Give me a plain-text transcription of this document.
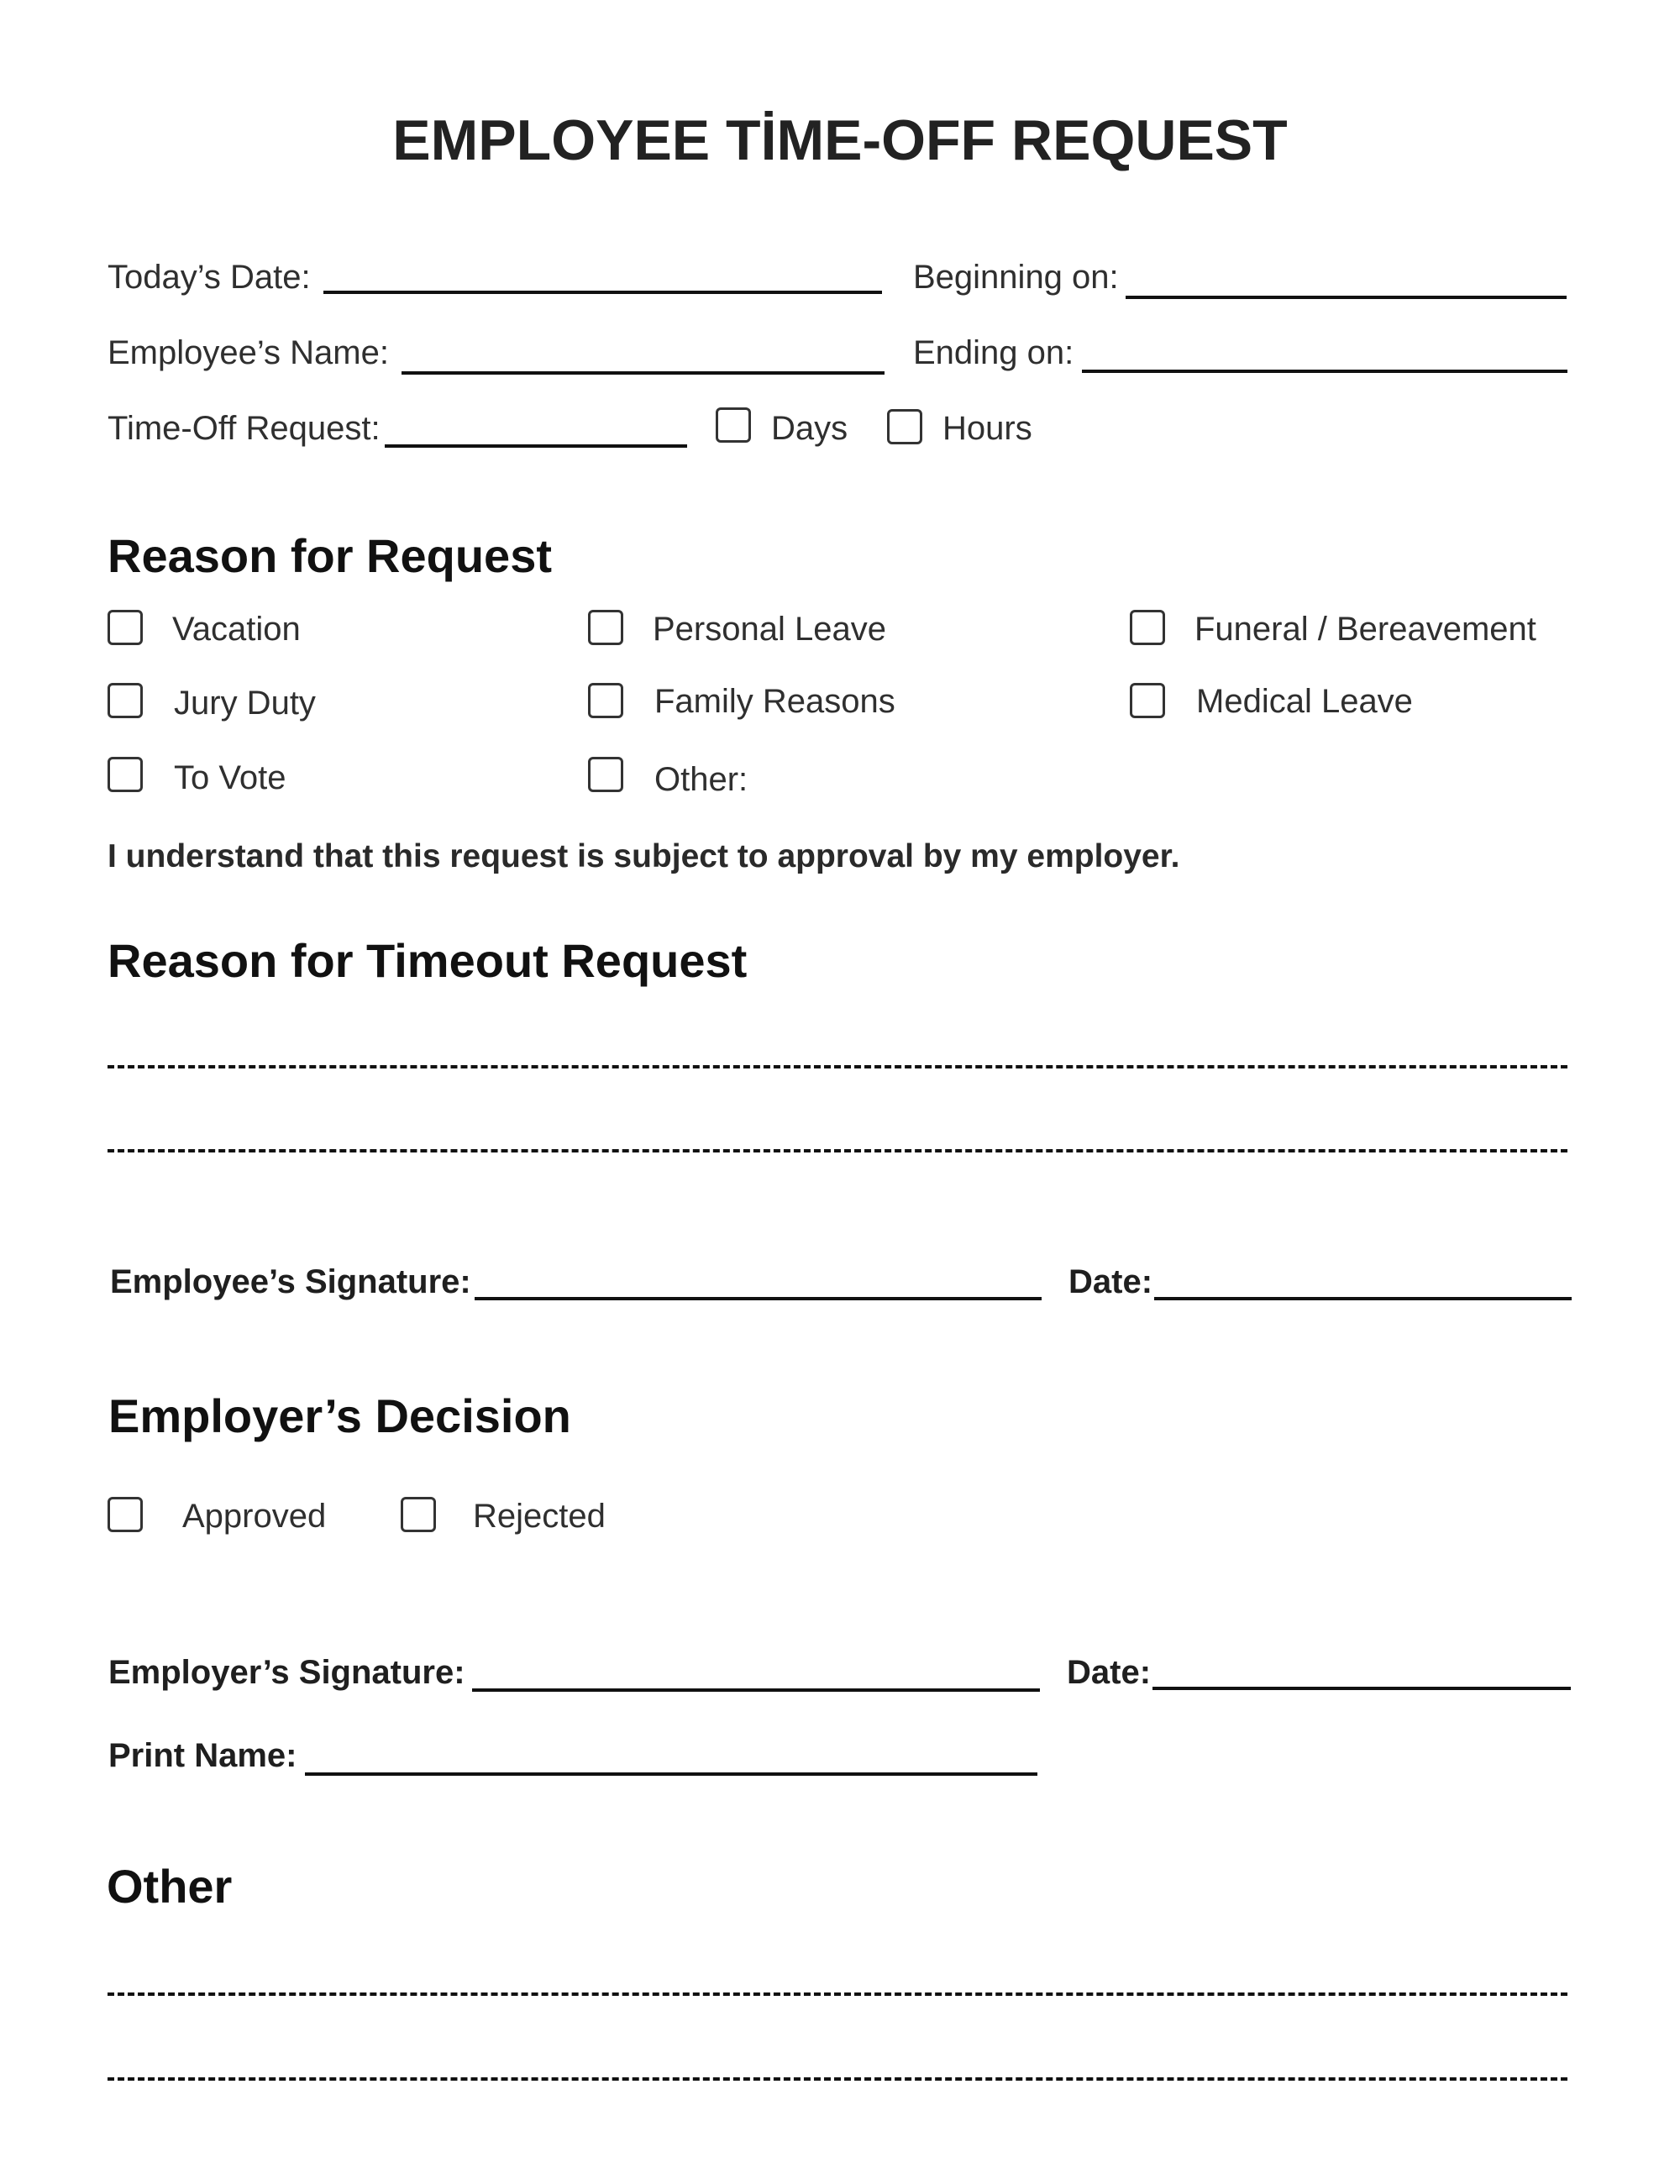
EMPLOYEE TİME-OFF REQUEST
Today’s Date:	Beginning on:
Employee’s Name:	Ending on:
Time-Off Request:	Days	Hours
Reason for Request
Vacation	Personal Leave	Funeral / Bereavement
Jury Duty	Family Reasons	Medical Leave
To Vote	Other:
I understand that this request is subject to approval by my employer.
Reason for Timeout Request
Employee’s Signature:	Date:
Employer’s Decision
Approved	Rejected
Employer’s Signature:	Date:
Print Name:
Other
